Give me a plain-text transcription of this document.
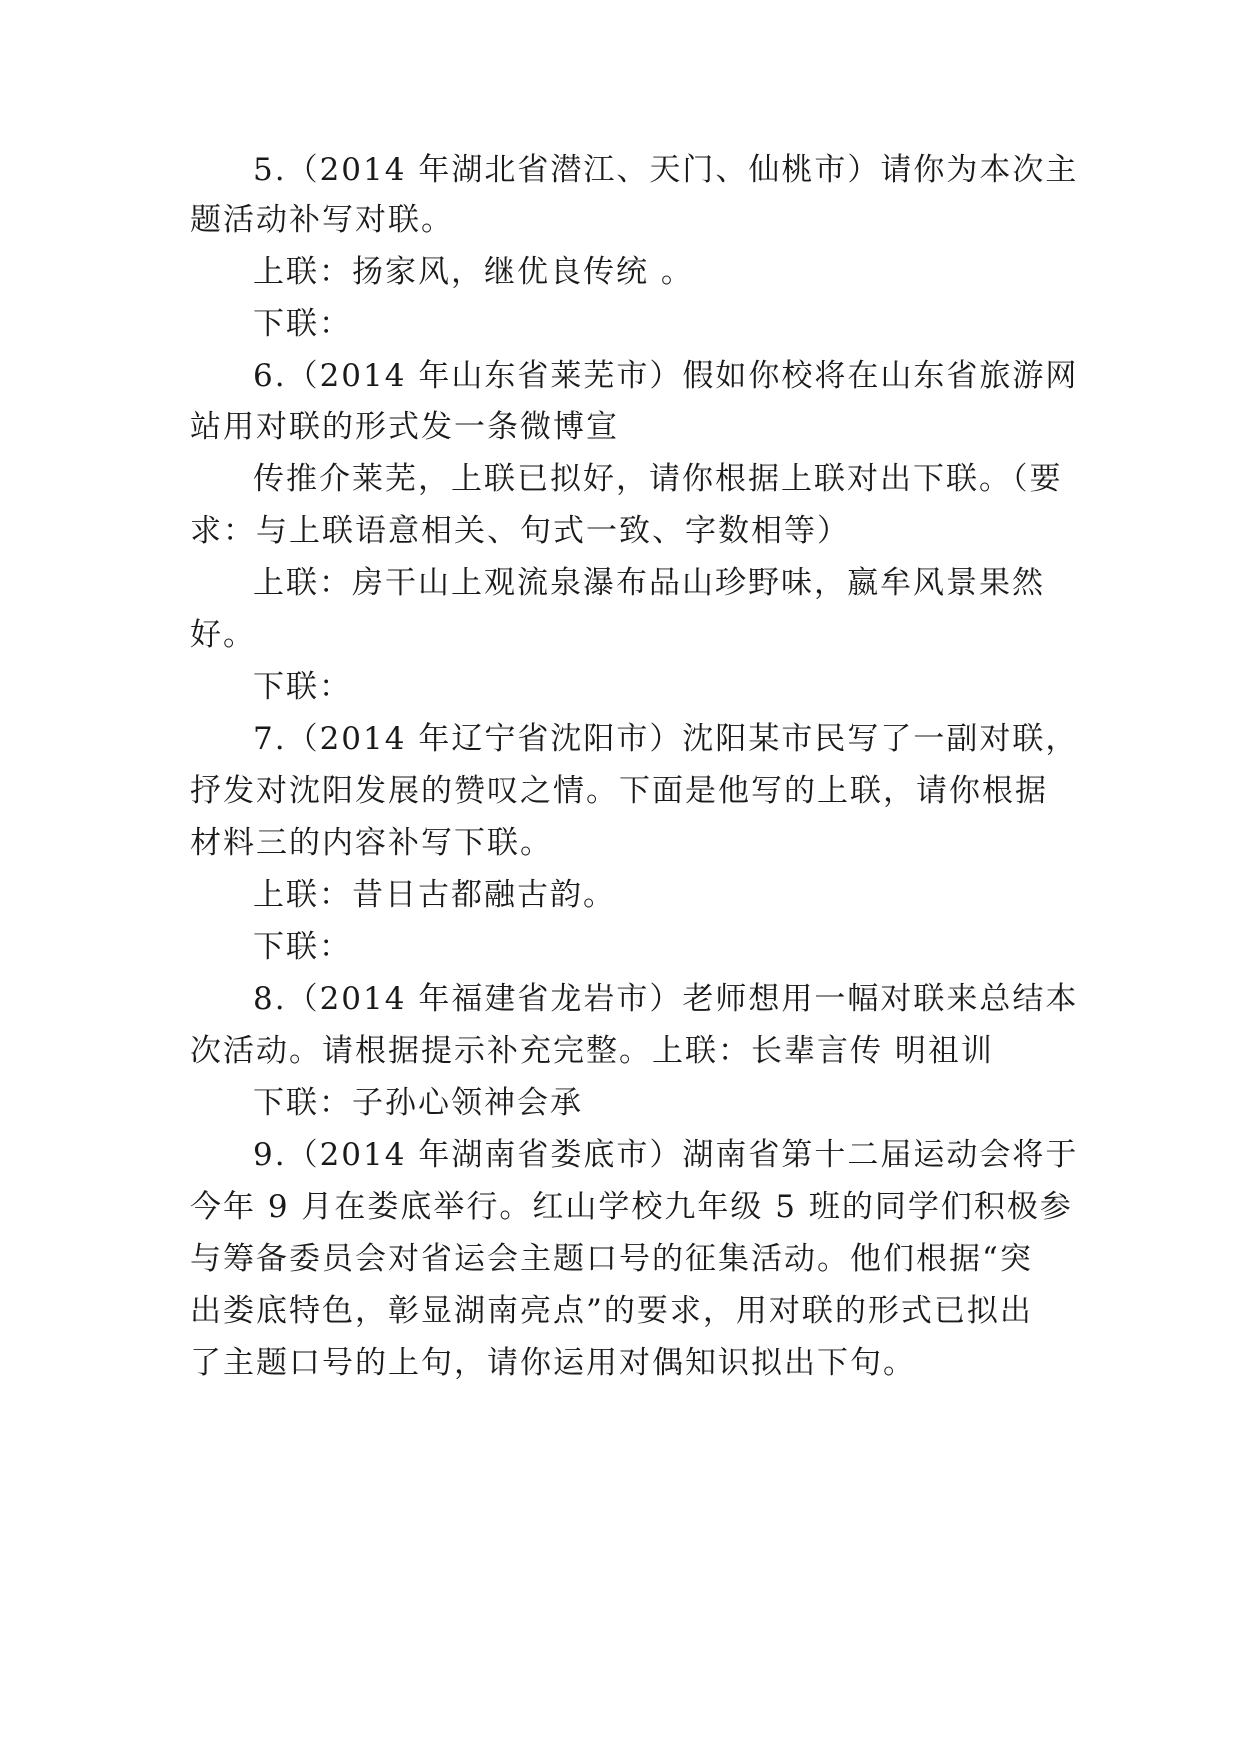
5.（2014 年湖北省潜江、天门、仙桃市）请你为本次主
题活动补写对联。
上联：扬家风，继优良传统 。
下联：
6.（2014 年山东省莱芜市）假如你校将在山东省旅游网
站用对联的形式发一条微博宣
传推介莱芜，上联已拟好，请你根据上联对出下联。（要
求：与上联语意相关、句式一致、字数相等）
上联：房干山上观流泉瀑布品山珍野味，嬴牟风景果然
好。
下联：
7.（2014 年辽宁省沈阳市）沈阳某市民写了一副对联，
抒发对沈阳发展的赞叹之情。下面是他写的上联，请你根据
材料三的内容补写下联。
上联：昔日古都融古韵。
下联：
8.（2014 年福建省龙岩市）老师想用一幅对联来总结本
次活动。请根据提示补充完整。上联：长辈言传 明祖训
下联：子孙心领神会承
9.（2014 年湖南省娄底市）湖南省第十二届运动会将于
今年 9 月在娄底举行。红山学校九年级 5 班的同学们积极参
与筹备委员会对省运会主题口号的征集活动。他们根据“突
出娄底特色，彰显湖南亮点”的要求，用对联的形式已拟出
了主题口号的上句，请你运用对偶知识拟出下句。
